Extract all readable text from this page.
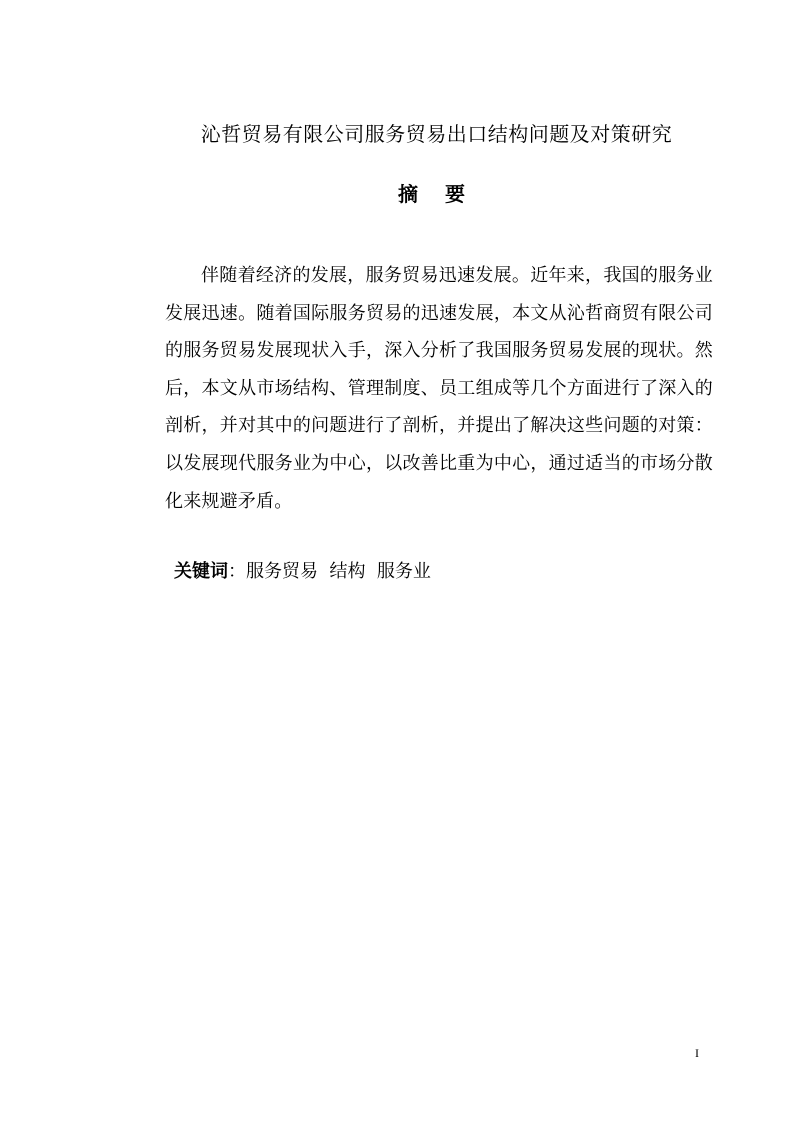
沁哲贸易有限公司服务贸易出口结构问题及对策研究
摘 要

伴随着经济的发展，服务贸易迅速发展。近年来，我国的服务业发展迅速。随着国际服务贸易的迅速发展，本文从沁哲商贸有限公司的服务贸易发展现状入手，深入分析了我国服务贸易发展的现状。然后，本文从市场结构、管理制度、员工组成等几个方面进行了深入的剖析，并对其中的问题进行了剖析，并提出了解决这些问题的对策：以发展现代服务业为中心，以改善比重为中心，通过适当的市场分散化来规避矛盾。

关键词：服务贸易  结构  服务业
I
